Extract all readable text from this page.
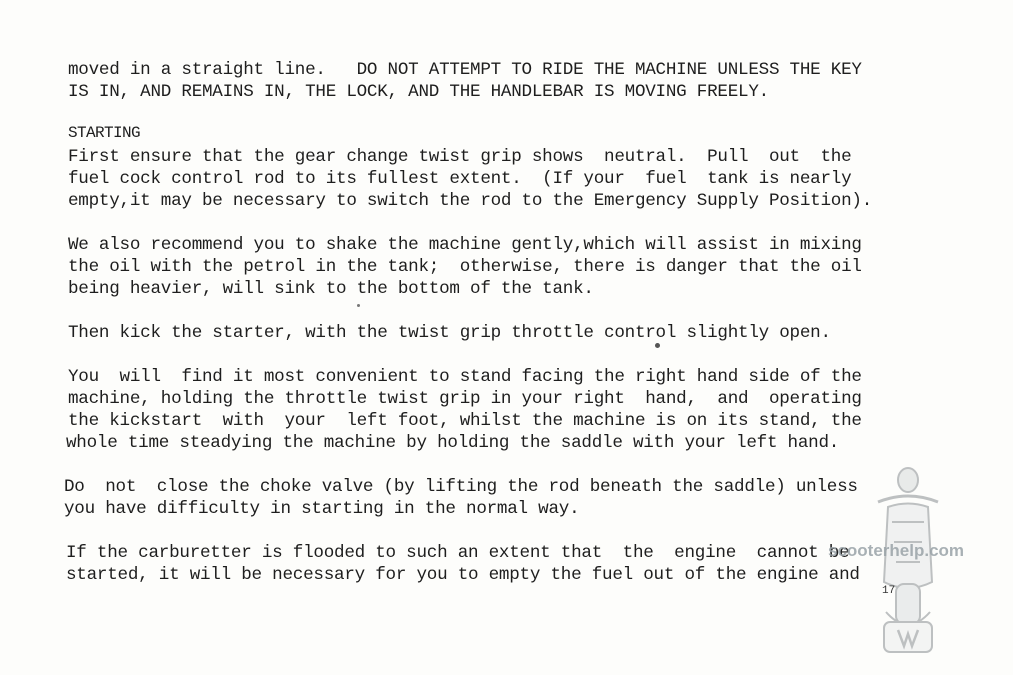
moved in a straight line.   DO NOT ATTEMPT TO RIDE THE MACHINE UNLESS THE KEY
IS IN, AND REMAINS IN, THE LOCK, AND THE HANDLEBAR IS MOVING FREELY.
STARTING
First ensure that the gear change twist grip shows  neutral.  Pull  out  the
fuel cock control rod to its fullest extent.  (If your  fuel  tank is nearly
empty,it may be necessary to switch the rod to the Emergency Supply Position).
We also recommend you to shake the machine gently,which will assist in mixing
the oil with the petrol in the tank;  otherwise, there is danger that the oil
being heavier, will sink to the bottom of the tank.
Then kick the starter, with the twist grip throttle control slightly open.
You  will  find it most convenient to stand facing the right hand side of the
machine, holding the throttle twist grip in your right  hand,  and  operating
the kickstart  with  your  left foot, whilst the machine is on its stand, the
whole time steadying the machine by holding the saddle with your left hand.
Do  not  close the choke valve (by lifting the rod beneath the saddle) unless
you have difficulty in starting in the normal way.
If the carburetter is flooded to such an extent that  the  engine  cannot be
started, it will be necessary for you to empty the fuel out of the engine and
scooterhelp.com
17
